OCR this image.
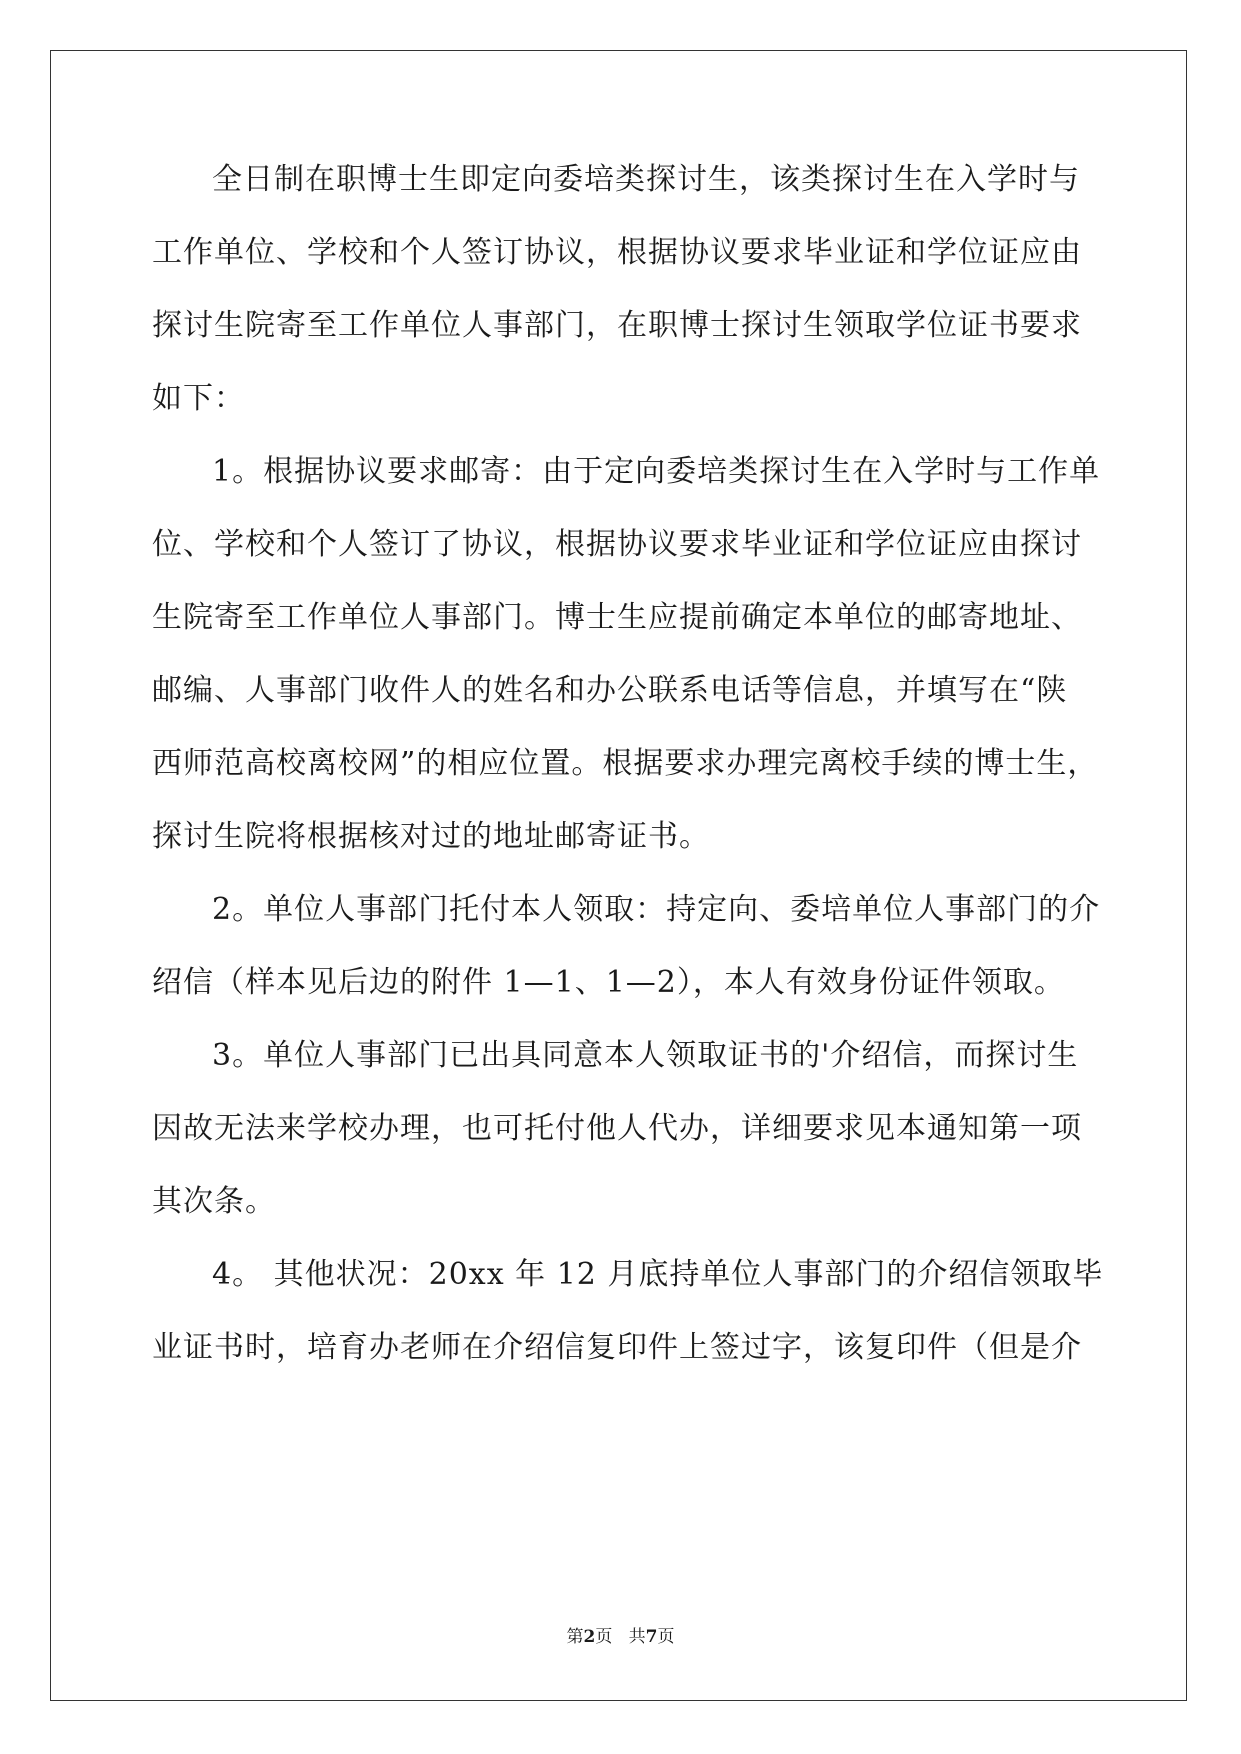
全日制在职博士生即定向委培类探讨生，该类探讨生在入学时与
工作单位、学校和个人签订协议，根据协议要求毕业证和学位证应由
探讨生院寄至工作单位人事部门，在职博士探讨生领取学位证书要求
如下：
1。根据协议要求邮寄：由于定向委培类探讨生在入学时与工作单
位、学校和个人签订了协议，根据协议要求毕业证和学位证应由探讨
生院寄至工作单位人事部门。博士生应提前确定本单位的邮寄地址、
邮编、人事部门收件人的姓名和办公联系电话等信息，并填写在“陕
西师范高校离校网”的相应位置。根据要求办理完离校手续的博士生，
探讨生院将根据核对过的地址邮寄证书。
2。单位人事部门托付本人领取：持定向、委培单位人事部门的介
绍信（样本见后边的附件 1—1、1—2），本人有效身份证件领取。
3。单位人事部门已出具同意本人领取证书的'介绍信，而探讨生
因故无法来学校办理，也可托付他人代办，详细要求见本通知第一项
其次条。
4。 其他状况：20xx 年 12 月底持单位人事部门的介绍信领取毕
业证书时，培育办老师在介绍信复印件上签过字，该复印件（但是介
第2页 共7页
